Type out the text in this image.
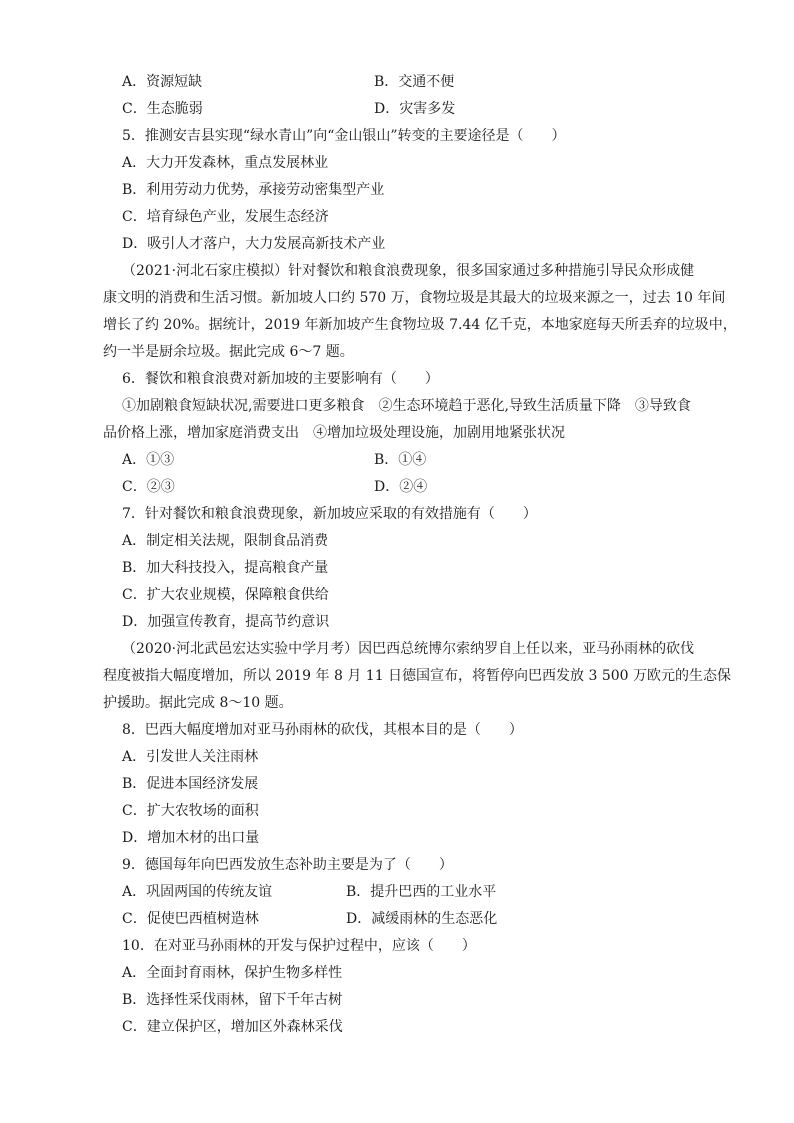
A．资源短缺	B．交通不便
C．生态脆弱	D．灾害多发
5．推测安吉县实现“绿水青山”向“金山银山”转变的主要途径是（　　）
A．大力开发森林，重点发展林业
B．利用劳动力优势，承接劳动密集型产业
C．培育绿色产业，发展生态经济
D．吸引人才落户，大力发展高新技术产业
（2021·河北石家庄模拟）针对餐饮和粮食浪费现象，很多国家通过多种措施引导民众形成健
康文明的消费和生活习惯。新加坡人口约 570 万，食物垃圾是其最大的垃圾来源之一，过去 10 年间
增长了约 20%。据统计，2019 年新加坡产生食物垃圾 7.44 亿千克，本地家庭每天所丢弃的垃圾中，
约一半是厨余垃圾。据此完成 6～7 题。
6．餐饮和粮食浪费对新加坡的主要影响有（　　）
①加剧粮食短缺状况,需要进口更多粮食　②生态环境趋于恶化,导致生活质量下降　③导致食
品价格上涨，增加家庭消费支出　④增加垃圾处理设施，加剧用地紧张状况
A．①③	B．①④
C．②③	D．②④
7．针对餐饮和粮食浪费现象，新加坡应采取的有效措施有（　　）
A．制定相关法规，限制食品消费
B．加大科技投入，提高粮食产量
C．扩大农业规模，保障粮食供给
D．加强宣传教育，提高节约意识
（2020·河北武邑宏达实验中学月考）因巴西总统博尔索纳罗自上任以来，亚马孙雨林的砍伐
程度被指大幅度增加，所以 2019 年 8 月 11 日德国宣布，将暂停向巴西发放 3 500 万欧元的生态保
护援助。据此完成 8～10 题。
8．巴西大幅度增加对亚马孙雨林的砍伐，其根本目的是（　　）
A．引发世人关注雨林
B．促进本国经济发展
C．扩大农牧场的面积
D．增加木材的出口量
9．德国每年向巴西发放生态补助主要是为了（　　）
A．巩固两国的传统友谊	B．提升巴西的工业水平
C．促使巴西植树造林	D．减缓雨林的生态恶化
10．在对亚马孙雨林的开发与保护过程中，应该（　　）
A．全面封育雨林，保护生物多样性
B．选择性采伐雨林，留下千年古树
C．建立保护区，增加区外森林采伐
